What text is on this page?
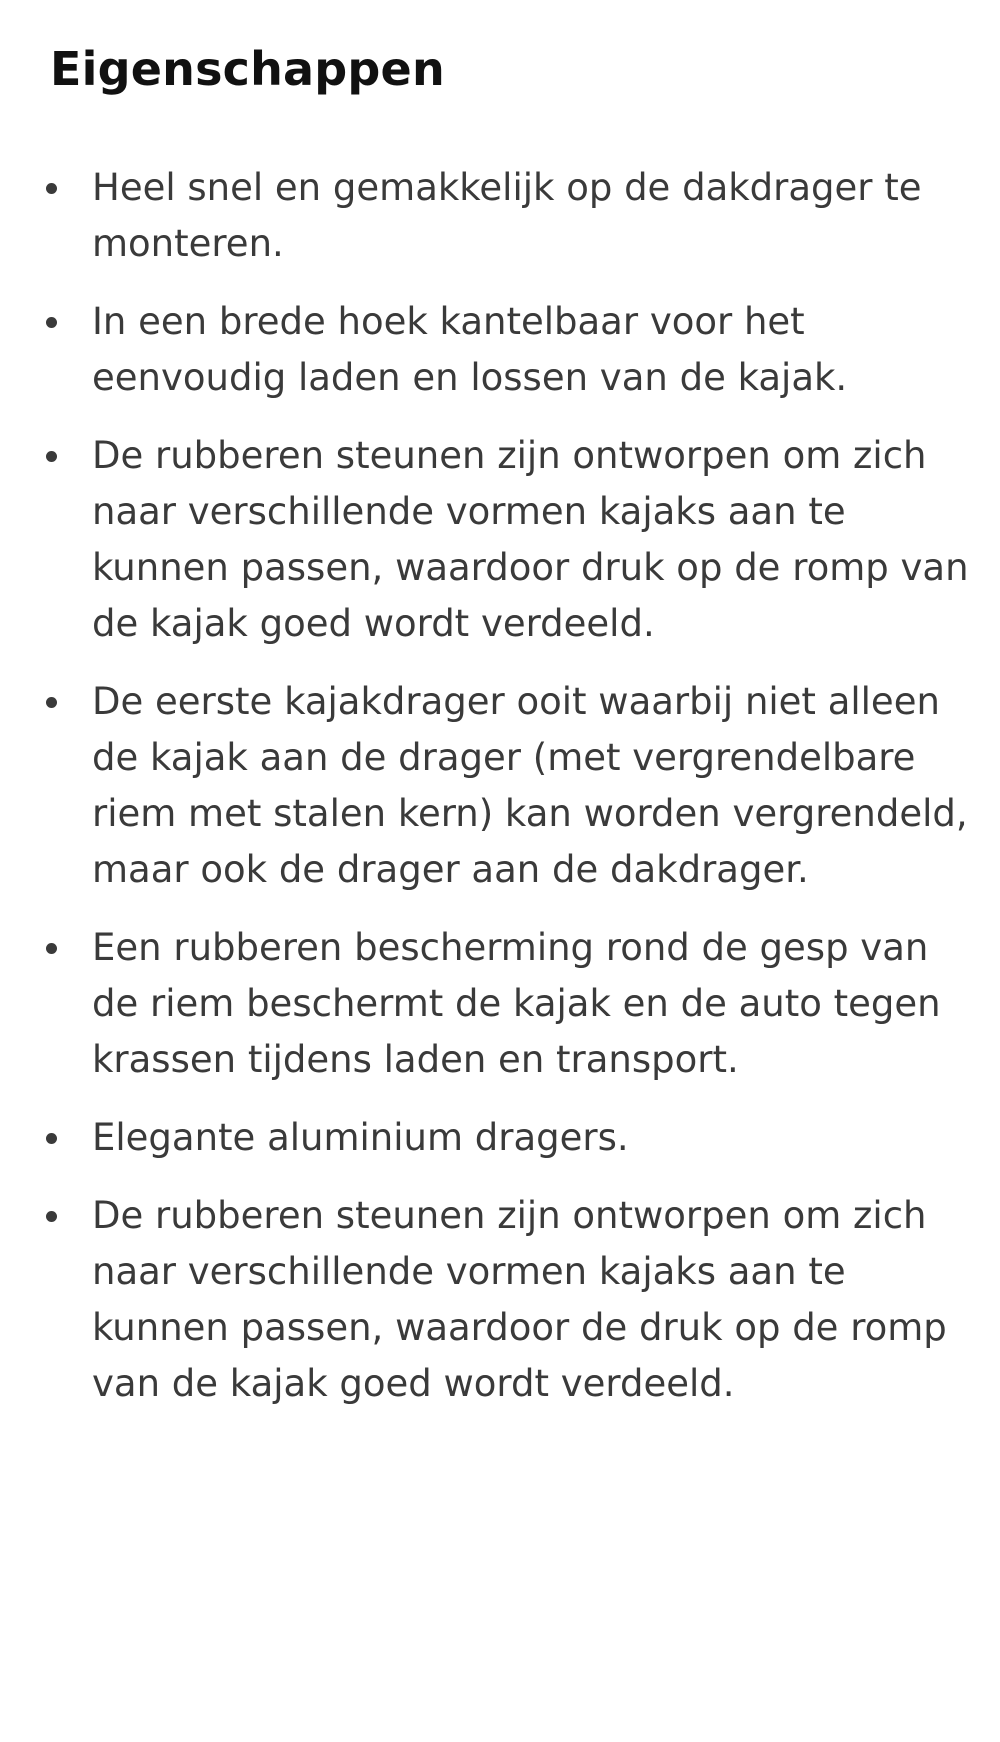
Eigenschappen
Heel snel en gemakkelijk op de dakdrager te monteren.
In een brede hoek kantelbaar voor het eenvoudig laden en lossen van de kajak.
De rubberen steunen zijn ontworpen om zich naar verschillende vormen kajaks aan te kunnen passen, waardoor druk op de romp van de kajak goed wordt verdeeld.
De eerste kajakdrager ooit waarbij niet alleen de kajak aan de drager (met vergrendelbare riem met stalen kern) kan worden vergrendeld, maar ook de drager aan de dakdrager.
Een rubberen bescherming rond de gesp van de riem beschermt de kajak en de auto tegen krassen tijdens laden en transport.
Elegante aluminium dragers.
De rubberen steunen zijn ontworpen om zich naar verschillende vormen kajaks aan te kunnen passen, waardoor de druk op de romp van de kajak goed wordt verdeeld.
